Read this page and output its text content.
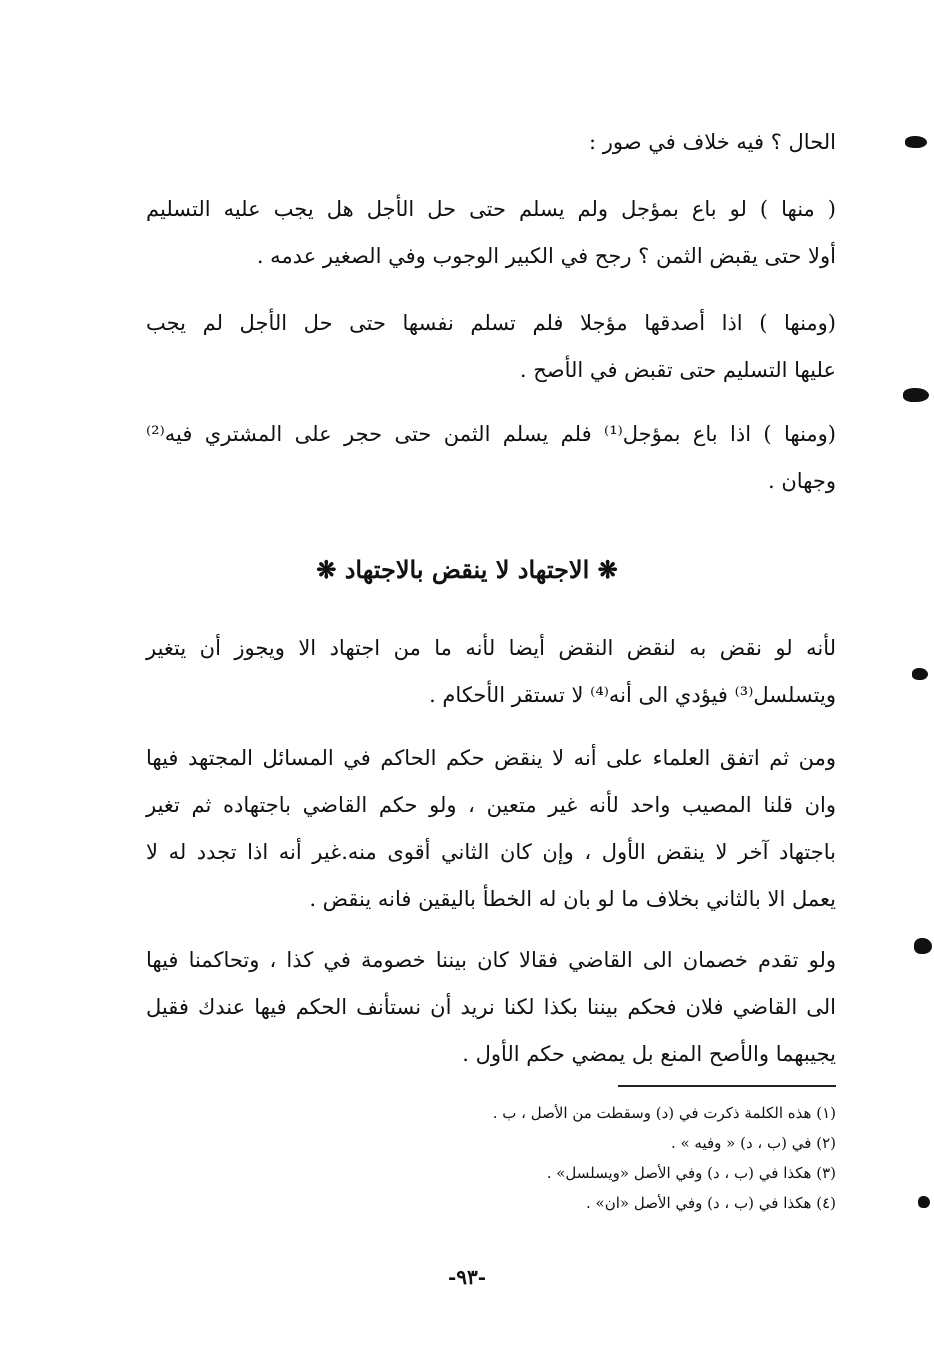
الحال ؟ فيه خلاف في صور :
( منها ) لو باع بمؤجل ولم يسلم حتى حل الأجل هل يجب عليه التسليم
أولا حتى يقبض الثمن ؟ رجح في الكبير الوجوب وفي الصغير عدمه .
(ومنها ) اذا أصدقها مؤجلا فلم تسلم نفسها حتى حل الأجل لم يجب
عليها التسليم حتى تقبض في الأصح .
(ومنها ) اذا باع بمؤجل⁽¹⁾ فلم يسلم الثمن حتى حجر على المشتري فيه⁽²⁾
وجهان .
❋ الاجتهاد لا ينقض بالاجتهاد ❋
لأنه لو نقض به لنقض النقض أيضا لأنه ما من اجتهاد الا ويجوز أن يتغير
ويتسلسل⁽³⁾ فيؤدي الى أنه⁽⁴⁾ لا تستقر الأحكام .
ومن ثم اتفق العلماء على أنه لا ينقض حكم الحاكم في المسائل المجتهد فيها
وان قلنا المصيب واحد لأنه غير متعين ، ولو حكم القاضي باجتهاده ثم تغير
باجتهاد آخر لا ينقض الأول ، وإن كان الثاني أقوى منه.غير أنه اذا تجدد له لا
يعمل الا بالثاني بخلاف ما لو بان له الخطأ باليقين فانه ينقض .
ولو تقدم خصمان الى القاضي فقالا كان بيننا خصومة في كذا ، وتحاكمنا فيها
الى القاضي فلان فحكم بيننا بكذا لكنا نريد أن نستأنف الحكم فيها عندك فقيل
يجيبهما والأصح المنع بل يمضي حكم الأول .
(١) هذه الكلمة ذكرت في (د) وسقطت من الأصل ، ب .
(٢) في (ب ، د) « وفيه » .
(٣) هكذا في (ب ، د) وفي الأصل «ويسلسل» .
(٤) هكذا في (ب ، د) وفي الأصل «ان» .
-٩٣-
